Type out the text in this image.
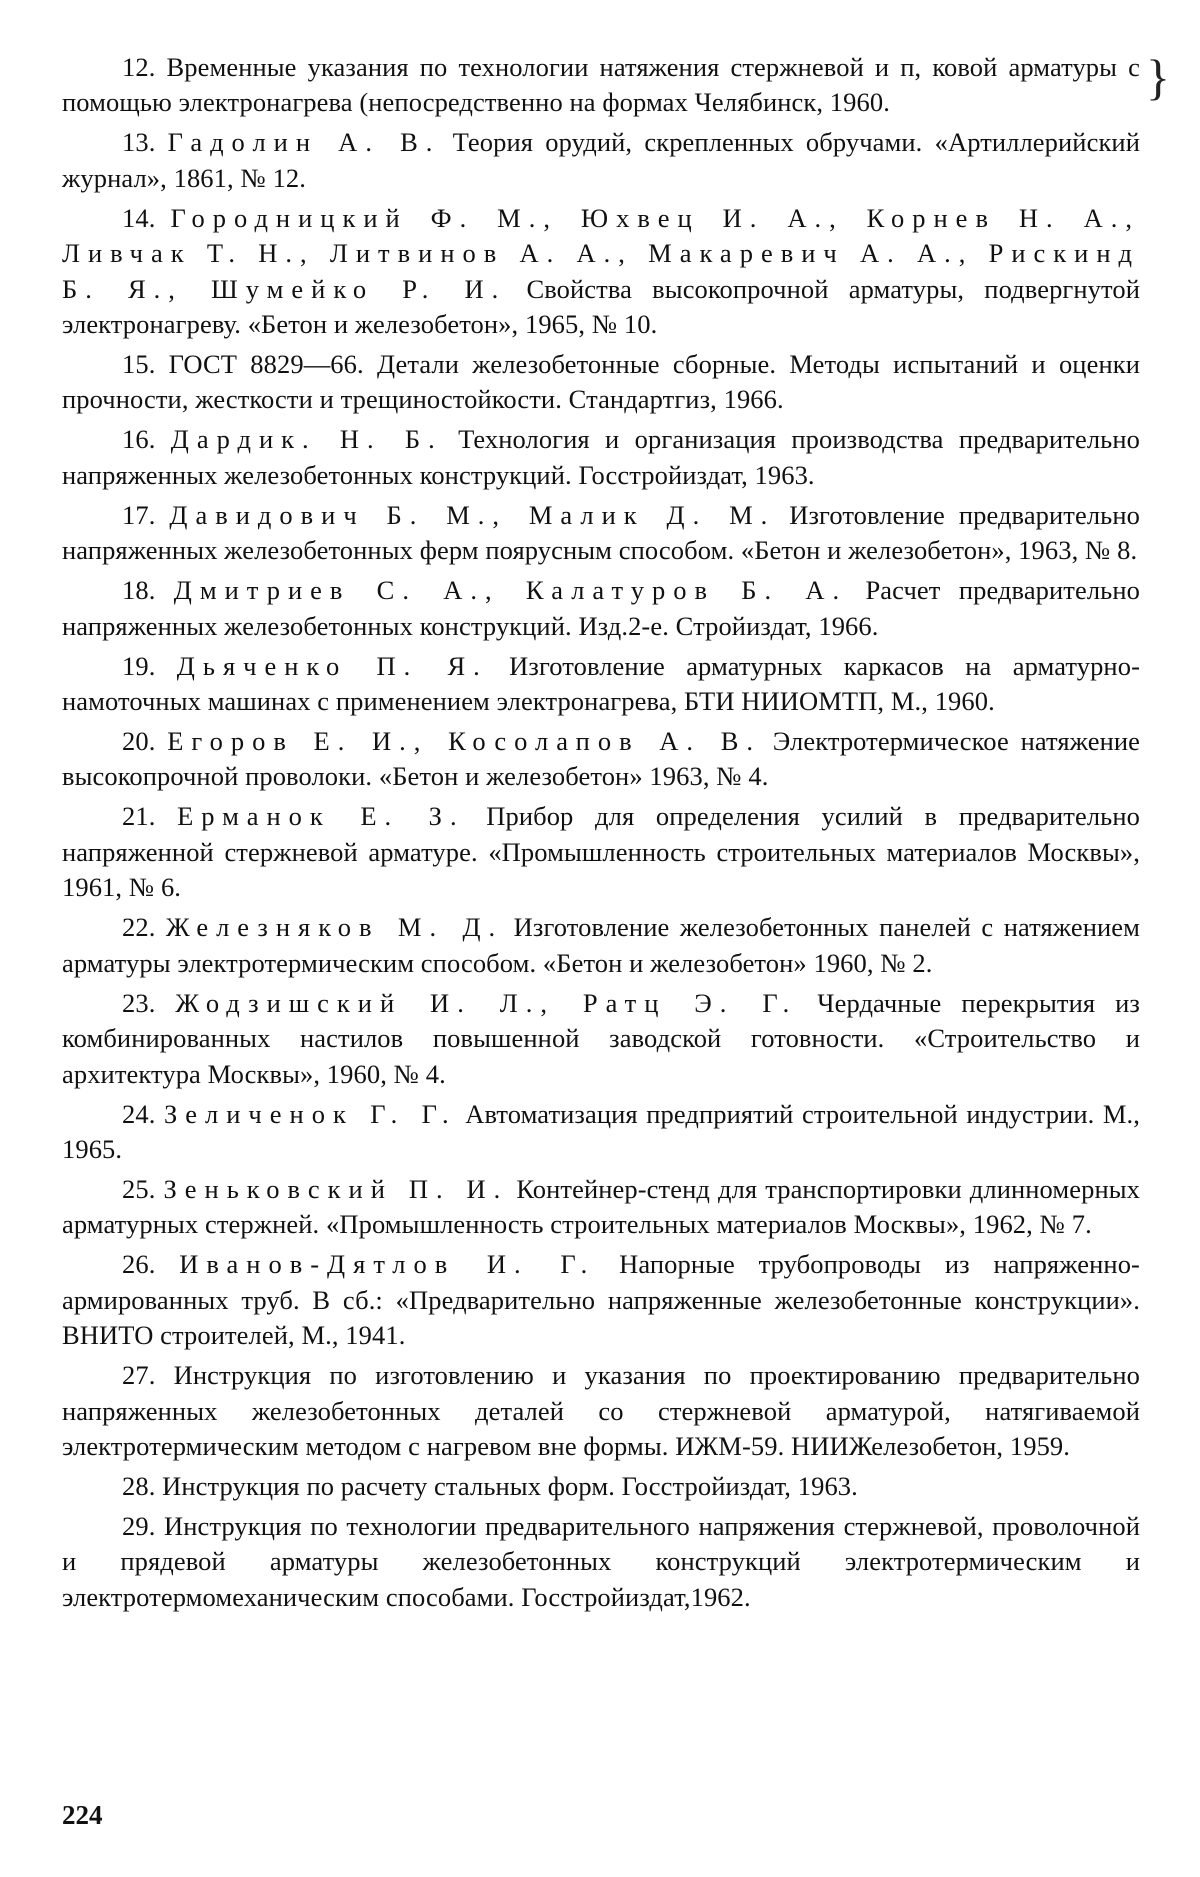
12. Временные указания по технологии натяжения стержневой и п, ковой арматуры с помощью электронагрева (непосредственно на формах Челябинск, 1960.

13. Гадолин А. В. Теория орудий, скрепленных обручами. «Артиллерийский журнал», 1861, № 12.

14. Городницкий Ф. М., Юхвец И. А., Корнев Н. А., Ливчак Т. Н., Литвинов А. А., Макаревич А. А., Рискинд Б. Я., Шумейко Р. И. Свойства высокопрочной арматуры, подвергнутой электронагреву. «Бетон и железобетон», 1965, № 10.

15. ГОСТ 8829—66. Детали железобетонные сборные. Методы испытаний и оценки прочности, жесткости и трещиностойкости. Стандартгиз, 1966.

16. Дардик. Н. Б. Технология и организация производства предварительно напряженных железобетонных конструкций. Госстройиздат, 1963.

17. Давидович Б. М., Малик Д. М. Изготовление предварительно напряженных железобетонных ферм поярусным способом. «Бетон и железобетон», 1963, № 8.

18. Дмитриев С. А., Калатуров Б. А. Расчет предварительно напряженных железобетонных конструкций. Изд.2-е. Стройиздат, 1966.

19. Дьяченко П. Я. Изготовление арматурных каркасов на арматурно-намоточных машинах с применением электронагрева, БТИ НИИОМТП, М., 1960.

20. Егоров Е. И., Косолапов А. В. Электротермическое натяжение высокопрочной проволоки. «Бетон и железобетон» 1963, № 4.

21. Ерманок Е. З. Прибор для определения усилий в предварительно напряженной стержневой арматуре. «Промышленность строительных материалов Москвы», 1961, № 6.

22. Железняков М. Д. Изготовление железобетонных панелей с натяжением арматуры электротермическим способом. «Бетон и железобетон» 1960, № 2.

23. Жодзишский И. Л., Ратц Э. Г. Чердачные перекрытия из комбинированных настилов повышенной заводской готовности. «Строительство и архитектура Москвы», 1960, № 4.

24. Зеличенок Г. Г. Автоматизация предприятий строительной индустрии. М., 1965.

25. Зеньковский П. И. Контейнер-стенд для транспортировки длинномерных арматурных стержней. «Промышленность строительных материалов Москвы», 1962, № 7.

26. Иванов-Дятлов И. Г. Напорные трубопроводы из напряженно-армированных труб. В сб.: «Предварительно напряженные железобетонные конструкции». ВНИТО строителей, М., 1941.

27. Инструкция по изготовлению и указания по проектированию предварительно напряженных железобетонных деталей со стержневой арматурой, натягиваемой электротермическим методом с нагревом вне формы. ИЖМ-59. НИИЖелезобетон, 1959.

28. Инструкция по расчету стальных форм. Госстройиздат, 1963.

29. Инструкция по технологии предварительного напряжения стержневой, проволочной и прядевой арматуры железобетонных конструкций электротермическим и электротермомеханическим способами. Госстройиздат,1962.

}
224
